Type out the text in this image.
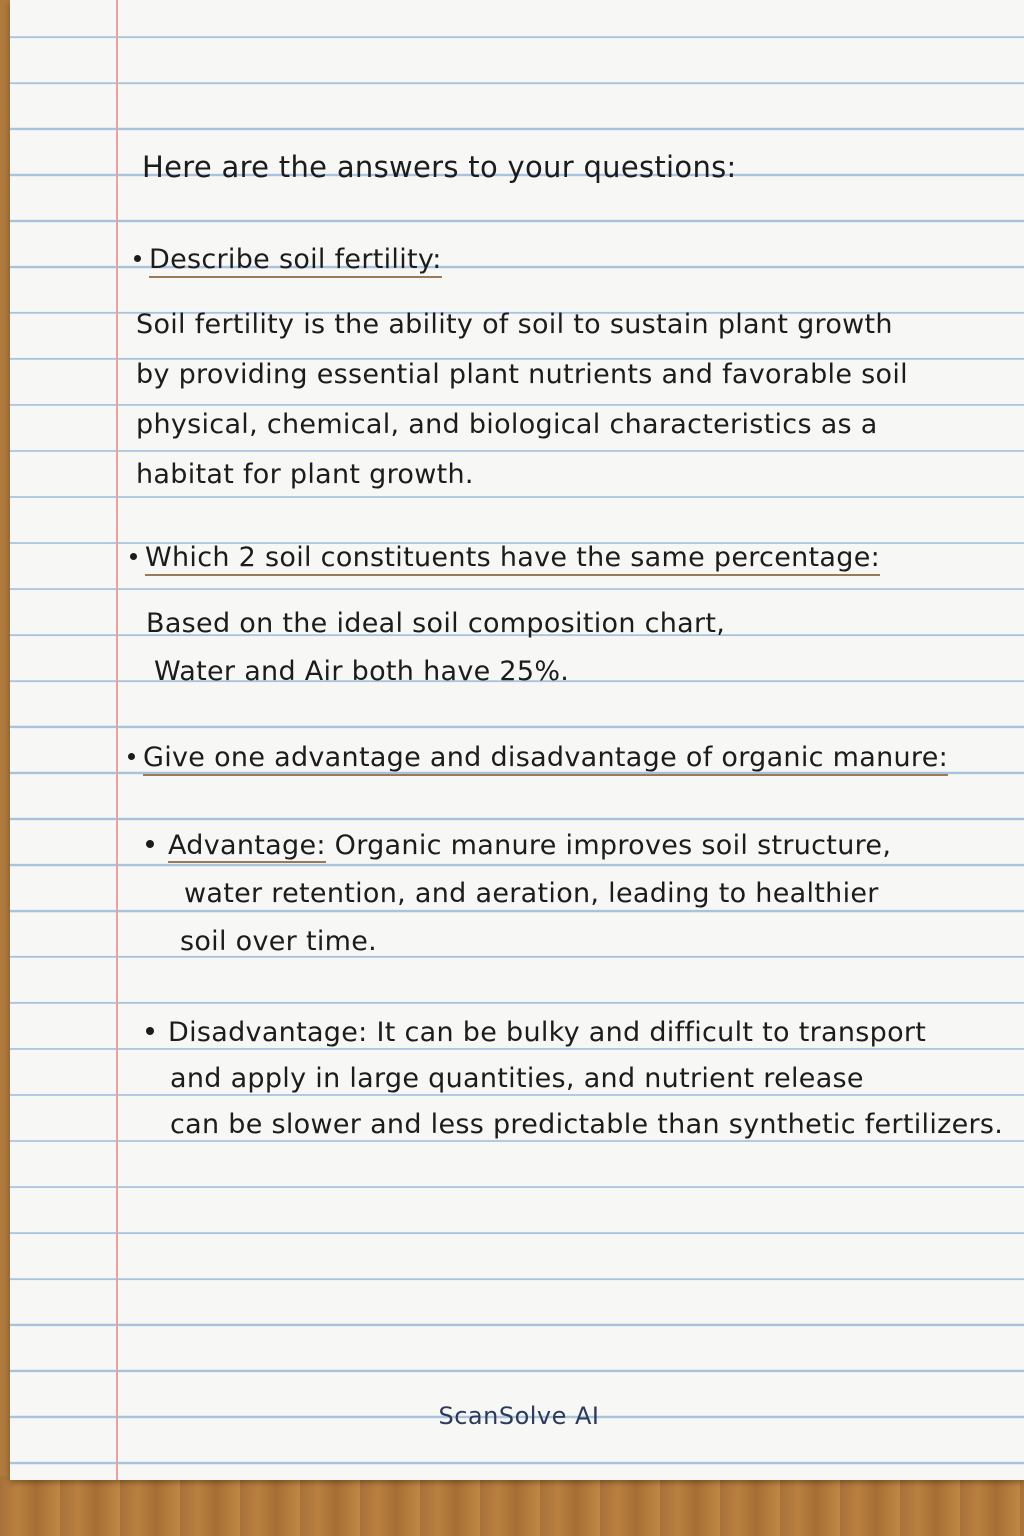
Here are the answers to your questions:
Describe soil fertility:
Soil fertility is the ability of soil to sustain plant growth
by providing essential plant nutrients and favorable soil
physical, chemical, and biological characteristics as a
habitat for plant growth.
Which 2 soil constituents have the same percentage:
Based on the ideal soil composition chart,
Water and Air both have 25%.
Give one advantage and disadvantage of organic manure:
Advantage: Organic manure improves soil structure,
water retention, and aeration, leading to healthier
soil over time.
Disadvantage: It can be bulky and difficult to transport
and apply in large quantities, and nutrient release
can be slower and less predictable than synthetic fertilizers.
ScanSolve AI
